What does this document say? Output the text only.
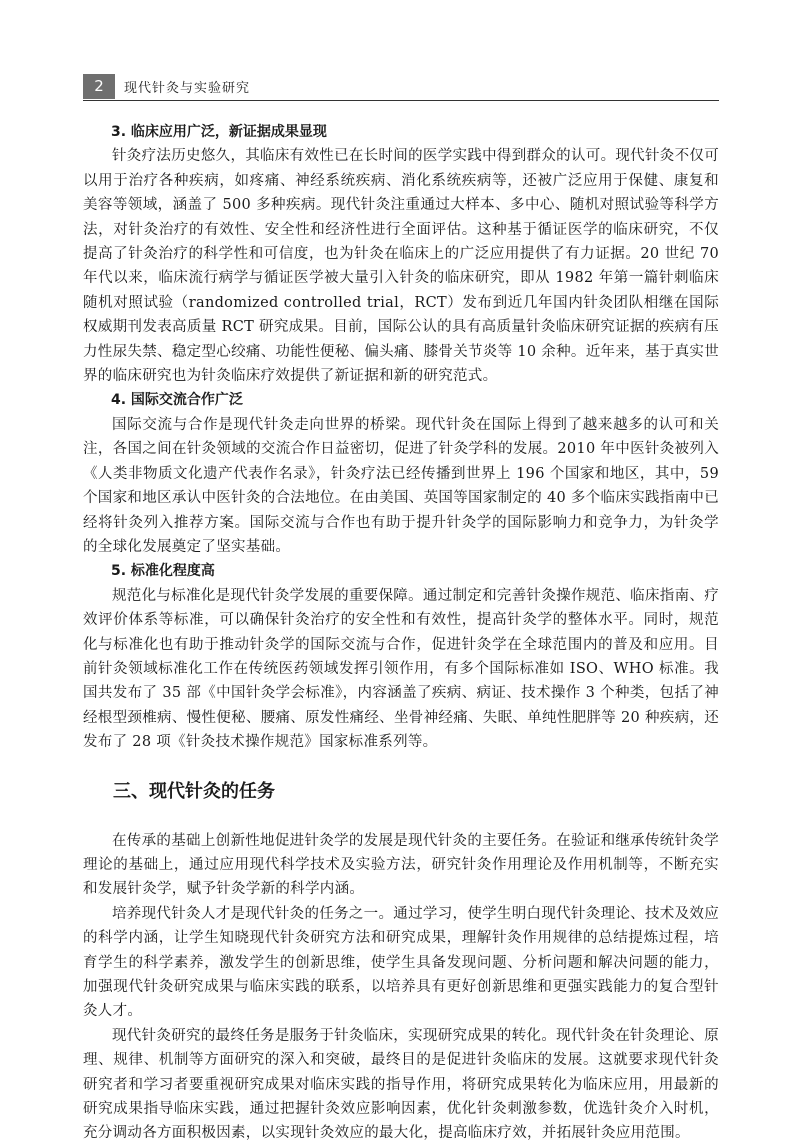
2	现代针灸与实验研究

3. 临床应用广泛，新证据成果显现

针灸疗法历史悠久，其临床有效性已在长时间的医学实践中得到群众的认可。现代针灸不仅可以用于治疗各种疾病，如疼痛、神经系统疾病、消化系统疾病等，还被广泛应用于保健、康复和美容等领域，涵盖了 500 多种疾病。现代针灸注重通过大样本、多中心、随机对照试验等科学方法，对针灸治疗的有效性、安全性和经济性进行全面评估。这种基于循证医学的临床研究，不仅提高了针灸治疗的科学性和可信度，也为针灸在临床上的广泛应用提供了有力证据。20 世纪 70 年代以来，临床流行病学与循证医学被大量引入针灸的临床研究，即从 1982 年第一篇针刺临床随机对照试验（randomized controlled trial，RCT）发布到近几年国内针灸团队相继在国际权威期刊发表高质量 RCT 研究成果。目前，国际公认的具有高质量针灸临床研究证据的疾病有压力性尿失禁、稳定型心绞痛、功能性便秘、偏头痛、膝骨关节炎等 10 余种。近年来，基于真实世界的临床研究也为针灸临床疗效提供了新证据和新的研究范式。

4. 国际交流合作广泛

国际交流与合作是现代针灸走向世界的桥梁。现代针灸在国际上得到了越来越多的认可和关注，各国之间在针灸领域的交流合作日益密切，促进了针灸学科的发展。2010 年中医针灸被列入《人类非物质文化遗产代表作名录》，针灸疗法已经传播到世界上 196 个国家和地区，其中，59 个国家和地区承认中医针灸的合法地位。在由美国、英国等国家制定的 40 多个临床实践指南中已经将针灸列入推荐方案。国际交流与合作也有助于提升针灸学的国际影响力和竞争力，为针灸学的全球化发展奠定了坚实基础。

5. 标准化程度高

规范化与标准化是现代针灸学发展的重要保障。通过制定和完善针灸操作规范、临床指南、疗效评价体系等标准，可以确保针灸治疗的安全性和有效性，提高针灸学的整体水平。同时，规范化与标准化也有助于推动针灸学的国际交流与合作，促进针灸学在全球范围内的普及和应用。目前针灸领域标准化工作在传统医药领域发挥引领作用，有多个国际标准如 ISO、WHO 标准。我国共发布了 35 部《中国针灸学会标准》，内容涵盖了疾病、病证、技术操作 3 个种类，包括了神经根型颈椎病、慢性便秘、腰痛、原发性痛经、坐骨神经痛、失眠、单纯性肥胖等 20 种疾病，还发布了 28 项《针灸技术操作规范》国家标准系列等。

三、现代针灸的任务

在传承的基础上创新性地促进针灸学的发展是现代针灸的主要任务。在验证和继承传统针灸学理论的基础上，通过应用现代科学技术及实验方法，研究针灸作用理论及作用机制等，不断充实和发展针灸学，赋予针灸学新的科学内涵。

培养现代针灸人才是现代针灸的任务之一。通过学习，使学生明白现代针灸理论、技术及效应的科学内涵，让学生知晓现代针灸研究方法和研究成果，理解针灸作用规律的总结提炼过程，培育学生的科学素养，激发学生的创新思维，使学生具备发现问题、分析问题和解决问题的能力，加强现代针灸研究成果与临床实践的联系，以培养具有更好创新思维和更强实践能力的复合型针灸人才。

现代针灸研究的最终任务是服务于针灸临床，实现研究成果的转化。现代针灸在针灸理论、原理、规律、机制等方面研究的深入和突破，最终目的是促进针灸临床的发展。这就要求现代针灸研究者和学习者要重视研究成果对临床实践的指导作用，将研究成果转化为临床应用，用最新的研究成果指导临床实践，通过把握针灸效应影响因素，优化针灸刺激参数，优选针灸介入时机，充分调动各方面积极因素，以实现针灸效应的最大化，提高临床疗效，并拓展针灸应用范围。
